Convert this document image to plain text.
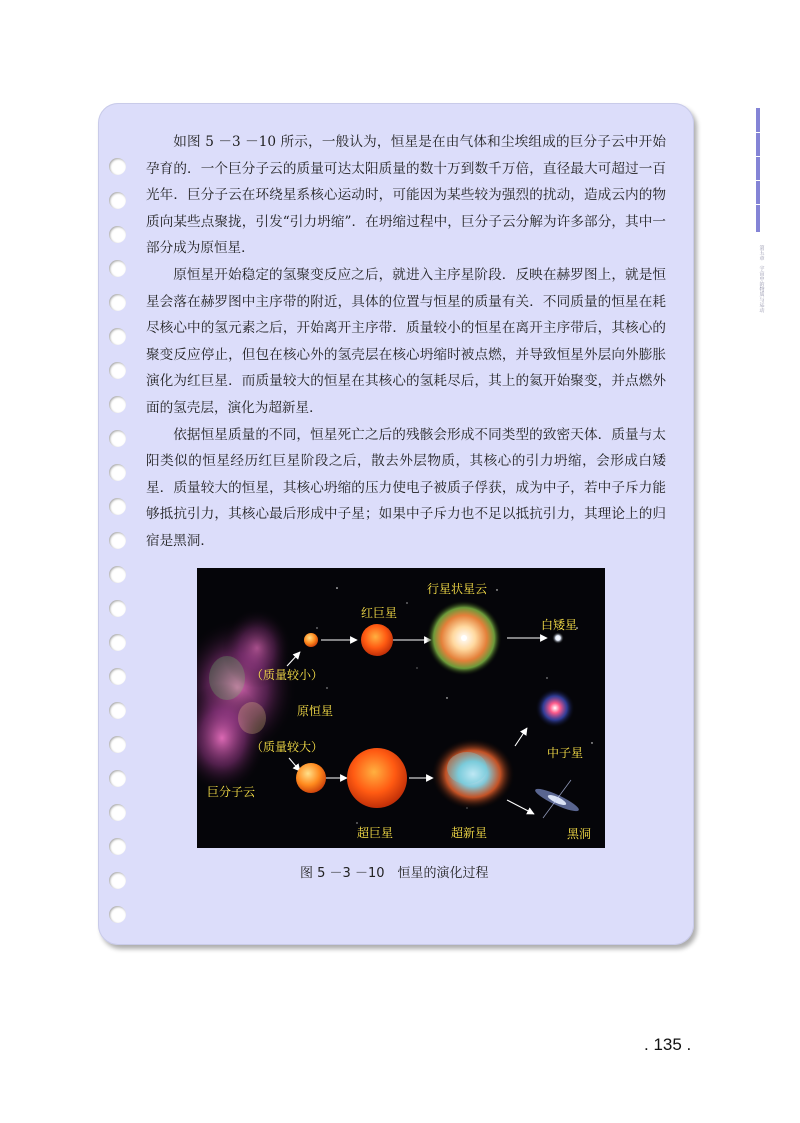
第五章　宇宙中的物质与运动

如图 5 －3 －10 所示，一般认为，恒星是在由气体和尘埃组成的巨分子云中开始孕育的．一个巨分子云的质量可达太阳质量的数十万到数千万倍，直径最大可超过一百光年．巨分子云在环绕星系核心运动时，可能因为某些较为强烈的扰动，造成云内的物质向某些点聚拢，引发“引力坍缩”．在坍缩过程中，巨分子云分解为许多部分，其中一部分成为原恒星．

原恒星开始稳定的氢聚变反应之后，就进入主序星阶段．反映在赫罗图上，就是恒星会落在赫罗图中主序带的附近，具体的位置与恒星的质量有关．不同质量的恒星在耗尽核心中的氢元素之后，开始离开主序带．质量较小的恒星在离开主序带后，其核心的聚变反应停止，但包在核心外的氢壳层在核心坍缩时被点燃，并导致恒星外层向外膨胀演化为红巨星．而质量较大的恒星在其核心的氢耗尽后，其上的氦开始聚变，并点燃外面的氢壳层，演化为超新星．

依据恒星质量的不同，恒星死亡之后的残骸会形成不同类型的致密天体．质量与太阳类似的恒星经历红巨星阶段之后，散去外层物质，其核心的引力坍缩，会形成白矮星．质量较大的恒星，其核心坍缩的压力使电子被质子俘获，成为中子，若中子斥力能够抵抗引力，其核心最后形成中子星；如果中子斥力也不足以抵抗引力，其理论上的归宿是黑洞．

行星状星云
红巨星
白矮星
（质量较小）
原恒星
（质量较大）	中子星
巨分子云
超巨星	超新星	黑洞
图 5 －3 －10　恒星的演化过程
. 135 .
